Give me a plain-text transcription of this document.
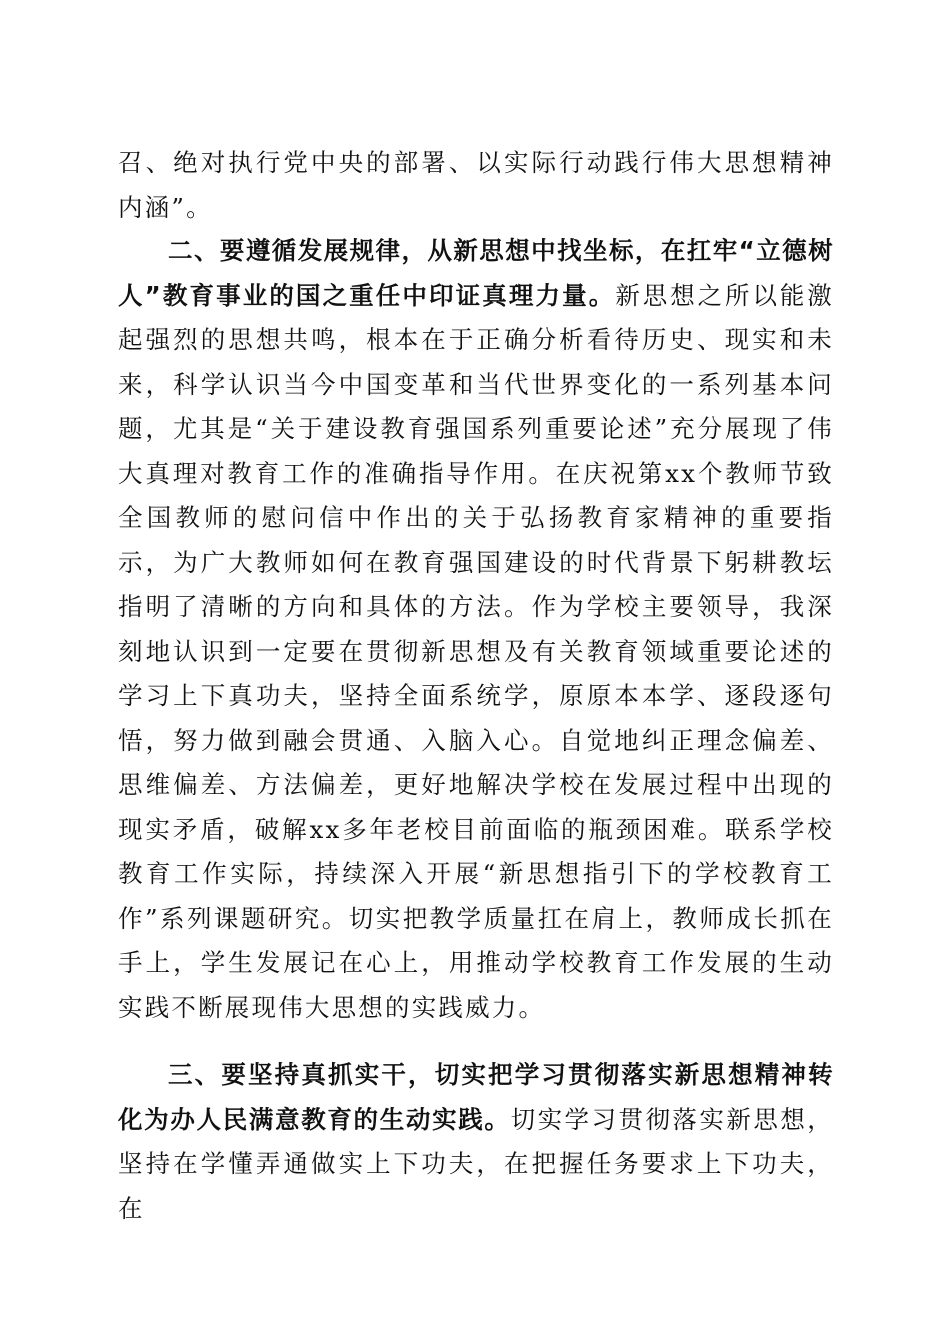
召、绝对执行党中央的部署、以实际行动践行伟大思想精神内涵”。

二、要遵循发展规律，从新思想中找坐标，在扛牢“立德树人”教育事业的国之重任中印证真理力量。新思想之所以能激起强烈的思想共鸣，根本在于正确分析看待历史、现实和未来，科学认识当今中国变革和当代世界变化的一系列基本问题，尤其是“关于建设教育强国系列重要论述”充分展现了伟大真理对教育工作的准确指导作用。在庆祝第xx个教师节致全国教师的慰问信中作出的关于弘扬教育家精神的重要指示，为广大教师如何在教育强国建设的时代背景下躬耕教坛指明了清晰的方向和具体的方法。作为学校主要领导，我深刻地认识到一定要在贯彻新思想及有关教育领域重要论述的学习上下真功夫，坚持全面系统学，原原本本学、逐段逐句悟，努力做到融会贯通、入脑入心。自觉地纠正理念偏差、思维偏差、方法偏差，更好地解决学校在发展过程中出现的现实矛盾，破解xx多年老校目前面临的瓶颈困难。联系学校教育工作实际，持续深入开展“新思想指引下的学校教育工作”系列课题研究。切实把教学质量扛在肩上，教师成长抓在手上，学生发展记在心上，用推动学校教育工作发展的生动实践不断展现伟大思想的实践威力。

三、要坚持真抓实干，切实把学习贯彻落实新思想精神转化为办人民满意教育的生动实践。切实学习贯彻落实新思想，坚持在学懂弄通做实上下功夫，在把握任务要求上下功夫，在
